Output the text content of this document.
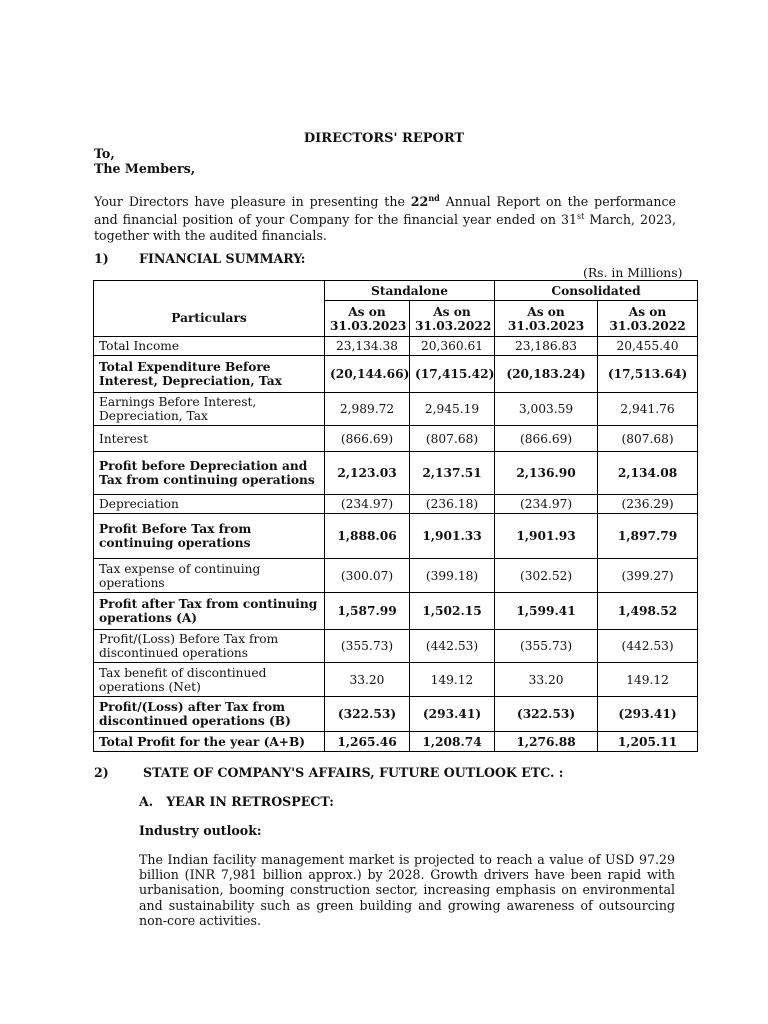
DIRECTORS' REPORT
To,
The Members,
Your Directors have pleasure in presenting the 22nd Annual Report on the performance and financial position of your Company for the financial year ended on 31st March, 2023, together with the audited financials.
1) FINANCIAL SUMMARY:
(Rs. in Millions)
	Standalone		Consolidated	
Particulars	As on 31.03.2023	As on 31.03.2022	As on 31.03.2023	As on 31.03.2022
Total Income	23,134.38	20,360.61	23,186.83	20,455.40
Total Expenditure Before Interest, Depreciation, Tax	(20,144.66)	(17,415.42)	(20,183.24)	(17,513.64)
Earnings Before Interest, Depreciation, Tax	2,989.72	2,945.19	3,003.59	2,941.76
Interest	(866.69)	(807.68)	(866.69)	(807.68)
Profit before Depreciation and Tax from continuing operations	2,123.03	2,137.51	2,136.90	2,134.08
Depreciation	(234.97)	(236.18)	(234.97)	(236.29)
Profit Before Tax from continuing operations	1,888.06	1,901.33	1,901.93	1,897.79
Tax expense of continuing operations	(300.07)	(399.18)	(302.52)	(399.27)
Profit after Tax from continuing operations (A)	1,587.99	1,502.15	1,599.41	1,498.52
Profit/(Loss) Before Tax from discontinued operations	(355.73)	(442.53)	(355.73)	(442.53)
Tax benefit of discontinued operations (Net)	33.20	149.12	33.20	149.12
Profit/(Loss) after Tax from discontinued operations (B)	(322.53)	(293.41)	(322.53)	(293.41)
Total Profit for the year (A+B)	1,265.46	1,208.74	1,276.88	1,205.11
2)	STATE OF COMPANY'S AFFAIRS, FUTURE OUTLOOK ETC. :
A.   YEAR IN RETROSPECT:
Industry outlook:
The Indian facility management market is projected to reach a value of USD 97.29 billion (INR 7,981 billion approx.) by 2028. Growth drivers have been rapid with urbanisation, booming construction sector, increasing emphasis on environmental and sustainability such as green building and growing awareness of outsourcing non-core activities.
